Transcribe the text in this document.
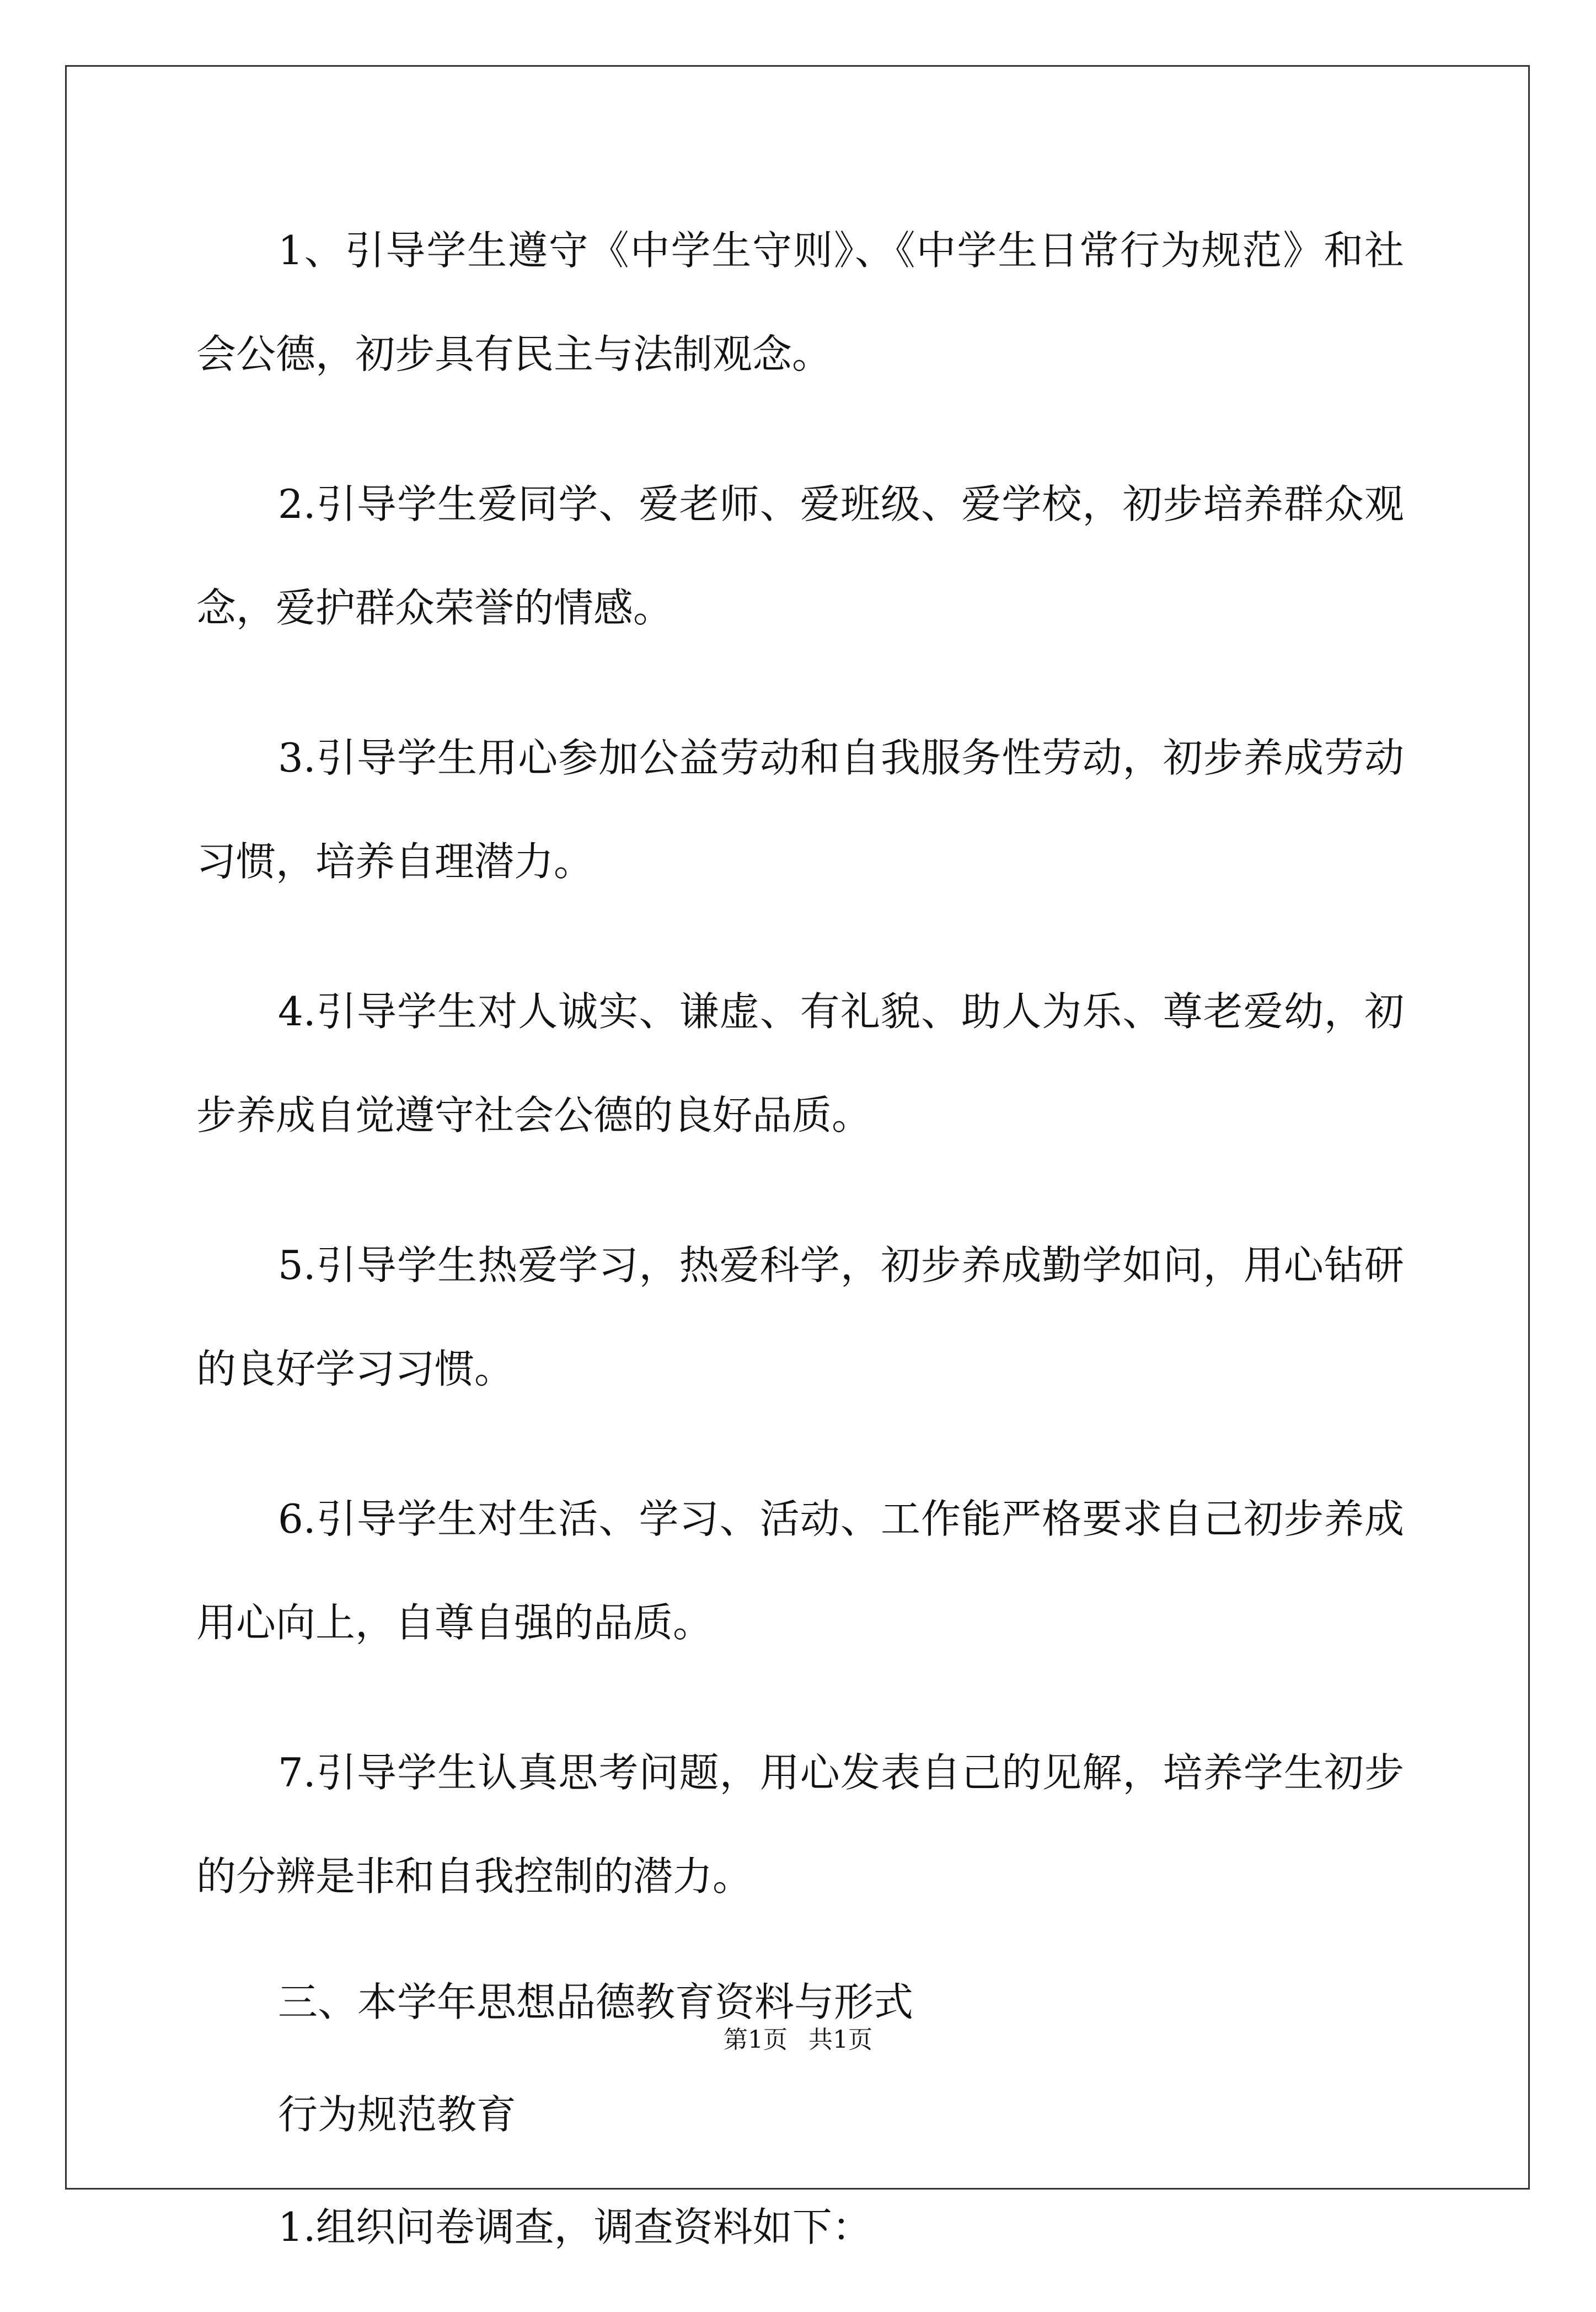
1、引导学生遵守《中学生守则》、《中学生日常行为规范》和社会公德，初步具有民主与法制观念。

2.引导学生爱同学、爱老师、爱班级、爱学校，初步培养群众观念，爱护群众荣誉的情感。

3.引导学生用心参加公益劳动和自我服务性劳动，初步养成劳动习惯，培养自理潜力。

4.引导学生对人诚实、谦虚、有礼貌、助人为乐、尊老爱幼，初步养成自觉遵守社会公德的良好品质。

5.引导学生热爱学习，热爱科学，初步养成勤学如问，用心钻研的良好学习习惯。

6.引导学生对生活、学习、活动、工作能严格要求自己初步养成用心向上，自尊自强的品质。

7.引导学生认真思考问题，用心发表自己的见解，培养学生初步的分辨是非和自我控制的潜力。

三、本学年思想品德教育资料与形式

行为规范教育

1.组织问卷调查，调查资料如下：

第1页 共1页
